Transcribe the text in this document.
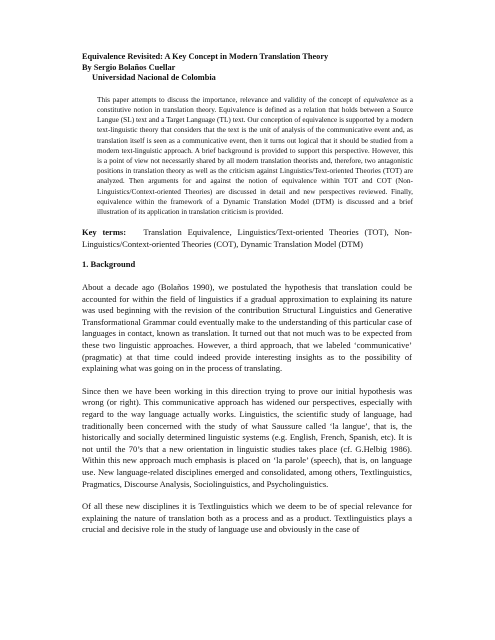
Equivalence Revisited: A Key Concept in Modern Translation Theory
By Sergio Bolaños Cuellar
Universidad Nacional de Colombia
This paper attempts to discuss the importance, relevance and validity of the concept of equivalence as a constitutive notion in translation theory. Equivalence is defined as a relation that holds between a Source Langue (SL) text and a Target Language (TL) text. Our conception of equivalence is supported by a modern text-linguistic theory that considers that the text is the unit of analysis of the communicative event and, as translation itself is seen as a communicative event, then it turns out logical that it should be studied from a modern text-linguistic approach. A brief background is provided to support this perspective. However, this is a point of view not necessarily shared by all modern translation theorists and, therefore, two antagonistic positions in translation theory as well as the criticism against Linguistics/Text-oriented Theories (TOT) are analyzed. Then arguments for and against the notion of equivalence within TOT and COT (Non-Linguistics/Context-oriented Theories) are discussed in detail and new perspectives reviewed. Finally, equivalence within the framework of a Dynamic Translation Model (DTM) is discussed and a brief illustration of its application in translation criticism is provided.
Key terms: Translation Equivalence, Linguistics/Text-oriented Theories (TOT), Non-Linguistics/Context-oriented Theories (COT), Dynamic Translation Model (DTM)
1. Background
About a decade ago (Bolaños 1990), we postulated the hypothesis that translation could be accounted for within the field of linguistics if a gradual approximation to explaining its nature was used beginning with the revision of the contribution Structural Linguistics and Generative Transformational Grammar could eventually make to the understanding of this particular case of languages in contact, known as translation. It turned out that not much was to be expected from these two linguistic approaches. However, a third approach, that we labeled ‘communicative’ (pragmatic) at that time could indeed provide interesting insights as to the possibility of explaining what was going on in the process of translating.
Since then we have been working in this direction trying to prove our initial hypothesis was wrong (or right). This communicative approach has widened our perspectives, especially with regard to the way language actually works. Linguistics, the scientific study of language, had traditionally been concerned with the study of what Saussure called ‘la langue’, that is, the historically and socially determined linguistic systems (e.g. English, French, Spanish, etc). It is not until the 70’s that a new orientation in linguistic studies takes place (cf. G.Helbig 1986). Within this new approach much emphasis is placed on ‘la parole’ (speech), that is, on language use. New language-related disciplines emerged and consolidated, among others, Textlinguistics, Pragmatics, Discourse Analysis, Sociolinguistics, and Psycholinguistics.
Of all these new disciplines it is Textlinguistics which we deem to be of special relevance for explaining the nature of translation both as a process and as a product. Textlinguistics plays a crucial and decisive role in the study of language use and obviously in the case of
